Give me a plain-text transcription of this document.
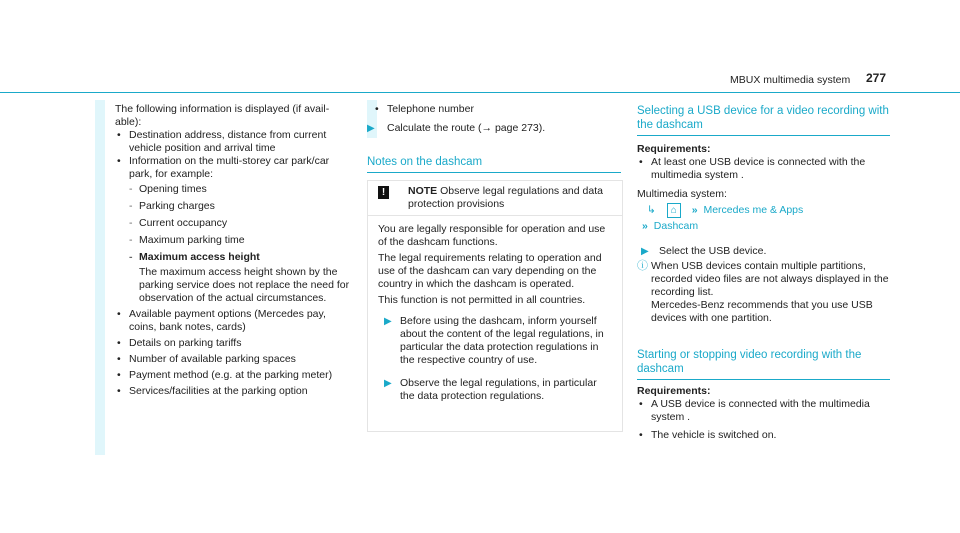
MBUX multimedia system 277

The following information is displayed (if available):

• Destination address, distance from current vehicle position and arrival time

• Information on the multi-storey car park/car park, for example:

- Opening times

- Parking charges

- Current occupancy

- Maximum parking time

- Maximum access height

The maximum access height shown by the parking service does not replace the need for observation of the actual circumstances.

• Available payment options (Mercedes pay, coins, bank notes, cards)

• Details on parking tariffs

• Number of available parking spaces

• Payment method (e.g. at the parking meter)

• Services/facilities at the parking option

• Telephone number

▶ Calculate the route (→ page 273).

Notes on the dashcam
!	NOTE Observe legal regulations and data protection provisions

You are legally responsible for operation and use of the dashcam functions.

The legal requirements relating to operation and use of the dashcam can vary depending on the country in which the dashcam is operated.

This function is not permitted in all countries.

▶ Before using the dashcam, inform yourself about the content of the legal regulations, in particular the data protection regulations in the respective country of use.

▶ Observe the legal regulations, in particular the data protection regulations.

Selecting a USB device for a video recording with the dashcam

Requirements:

• At least one USB device is connected with the multimedia system .

Multimedia system:

↳ ⌂ » Mercedes me & Apps
» Dashcam

▶ Select the USB device.

ⓘ When USB devices contain multiple partitions, recorded video files are not always displayed in the recording list.

Mercedes-Benz recommends that you use USB devices with one partition.

Starting or stopping video recording with the dashcam

Requirements:

• A USB device is connected with the multimedia system .

• The vehicle is switched on.
